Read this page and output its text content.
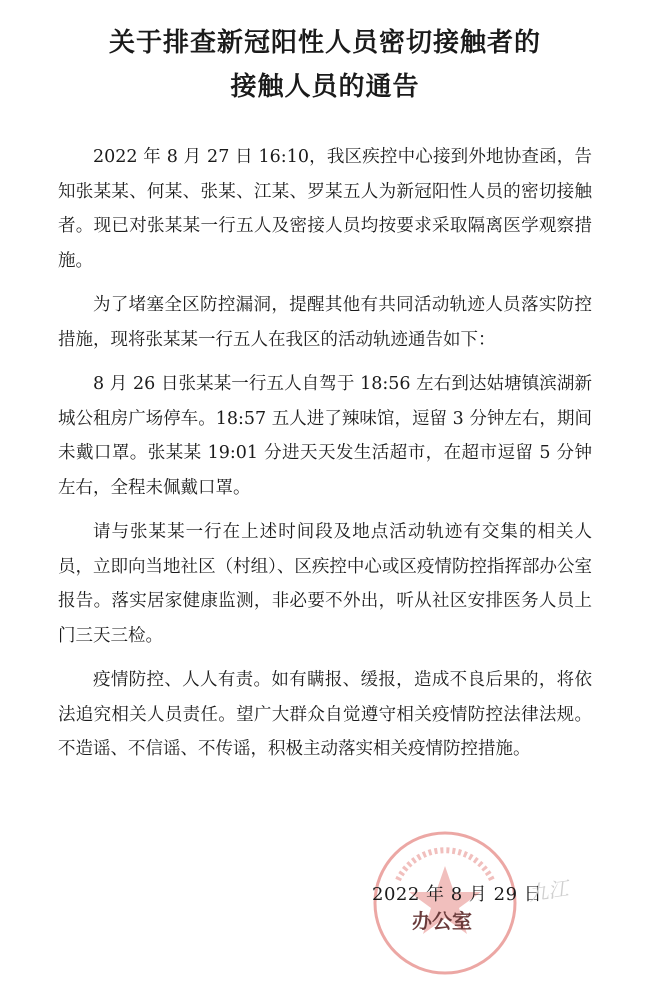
关于排查新冠阳性人员密切接触者的
接触人员的通告

2022 年 8 月 27 日 16:10，我区疾控中心接到外地协查函，告知张某某、何某、张某、江某、罗某五人为新冠阳性人员的密切接触者。现已对张某某一行五人及密接人员均按要求采取隔离医学观察措施。

为了堵塞全区防控漏洞，提醒其他有共同活动轨迹人员落实防控措施，现将张某某一行五人在我区的活动轨迹通告如下：

8 月 26 日张某某一行五人自驾于 18:56 左右到达姑塘镇滨湖新城公租房广场停车。18:57 五人进了辣味馆，逗留 3 分钟左右，期间未戴口罩。张某某 19:01 分进天天发生活超市，在超市逗留 5 分钟左右，全程未佩戴口罩。

请与张某某一行在上述时间段及地点活动轨迹有交集的相关人员，立即向当地社区（村组）、区疾控中心或区疫情防控指挥部办公室报告。落实居家健康监测，非必要不外出，听从社区安排医务人员上门三天三检。

疫情防控、人人有责。如有瞒报、缓报，造成不良后果的，将依法追究相关人员责任。望广大群众自觉遵守相关疫情防控法律法规。不造谣、不信谣、不传谣，积极主动落实相关疫情防控措施。

2022 年 8 月 29 日
办公室
九江
